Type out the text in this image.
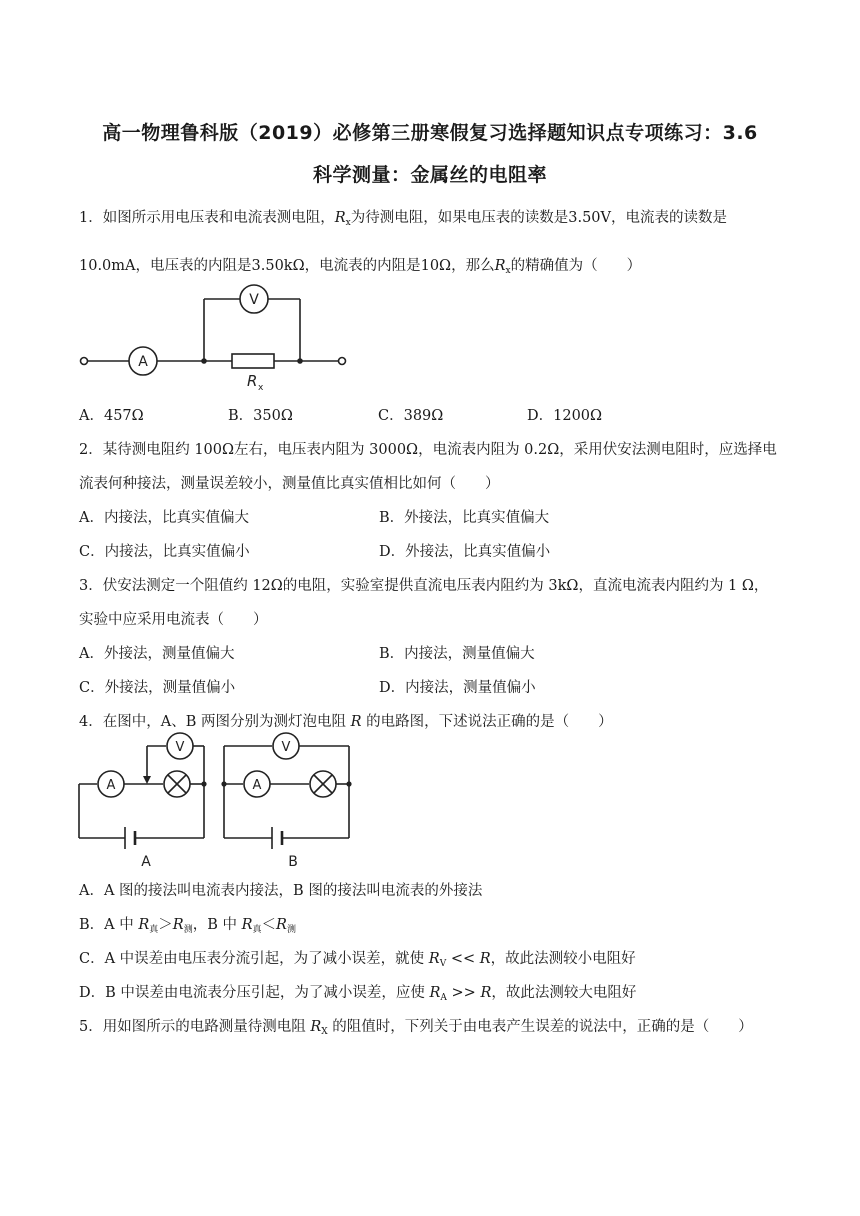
高一物理鲁科版（2019）必修第三册寒假复习选择题知识点专项练习：3.6
科学测量：金属丝的电阻率
1．如图所示用电压表和电流表测电阻，$R_x$为待测电阻，如果电压表的读数是3.50V，电流表的读数是
10.0mA，电压表的内阻是3.50kΩ，电流表的内阻是10Ω，那么$R_x$的精确值为（　　）
A
V
R x
A．457Ω	B．350Ω	C．389Ω	D．1200Ω
2．某待测电阻约 100Ω左右，电压表内阻为 3000Ω，电流表内阻为 0.2Ω，采用伏安法测电阻时，应选择电
流表何种接法，测量误差较小，测量值比真实值相比如何（　　）
A．内接法，比真实值偏大	B．外接法，比真实值偏大
C．内接法，比真实值偏小	D．外接法，比真实值偏小
3．伏安法测定一个阻值约 12Ω的电阻，实验室提供直流电压表内阻约为 3kΩ，直流电流表内阻约为 1 Ω，
实验中应采用电流表（　　）
A．外接法，测量值偏大	B．内接法，测量值偏大
C．外接法，测量值偏小	D．内接法，测量值偏小
4．在图中，A、B 两图分别为测灯泡电阻 R 的电路图，下述说法正确的是（　　）
A
V
A
V
A	B
A．A 图的接法叫电流表内接法，B 图的接法叫电流表的外接法
B．A 中 $R_真>R_测$，B 中 $R_真<R_测$
C．A 中误差由电压表分流引起，为了减小误差，就使 $R_V << R$，故此法测较小电阻好
D．B 中误差由电流表分压引起，为了减小误差，应使 $R_A >> R$，故此法测较大电阻好
5．用如图所示的电路测量待测电阻 $R_X$ 的阻值时，下列关于由电表产生误差的说法中，正确的是（　　）
